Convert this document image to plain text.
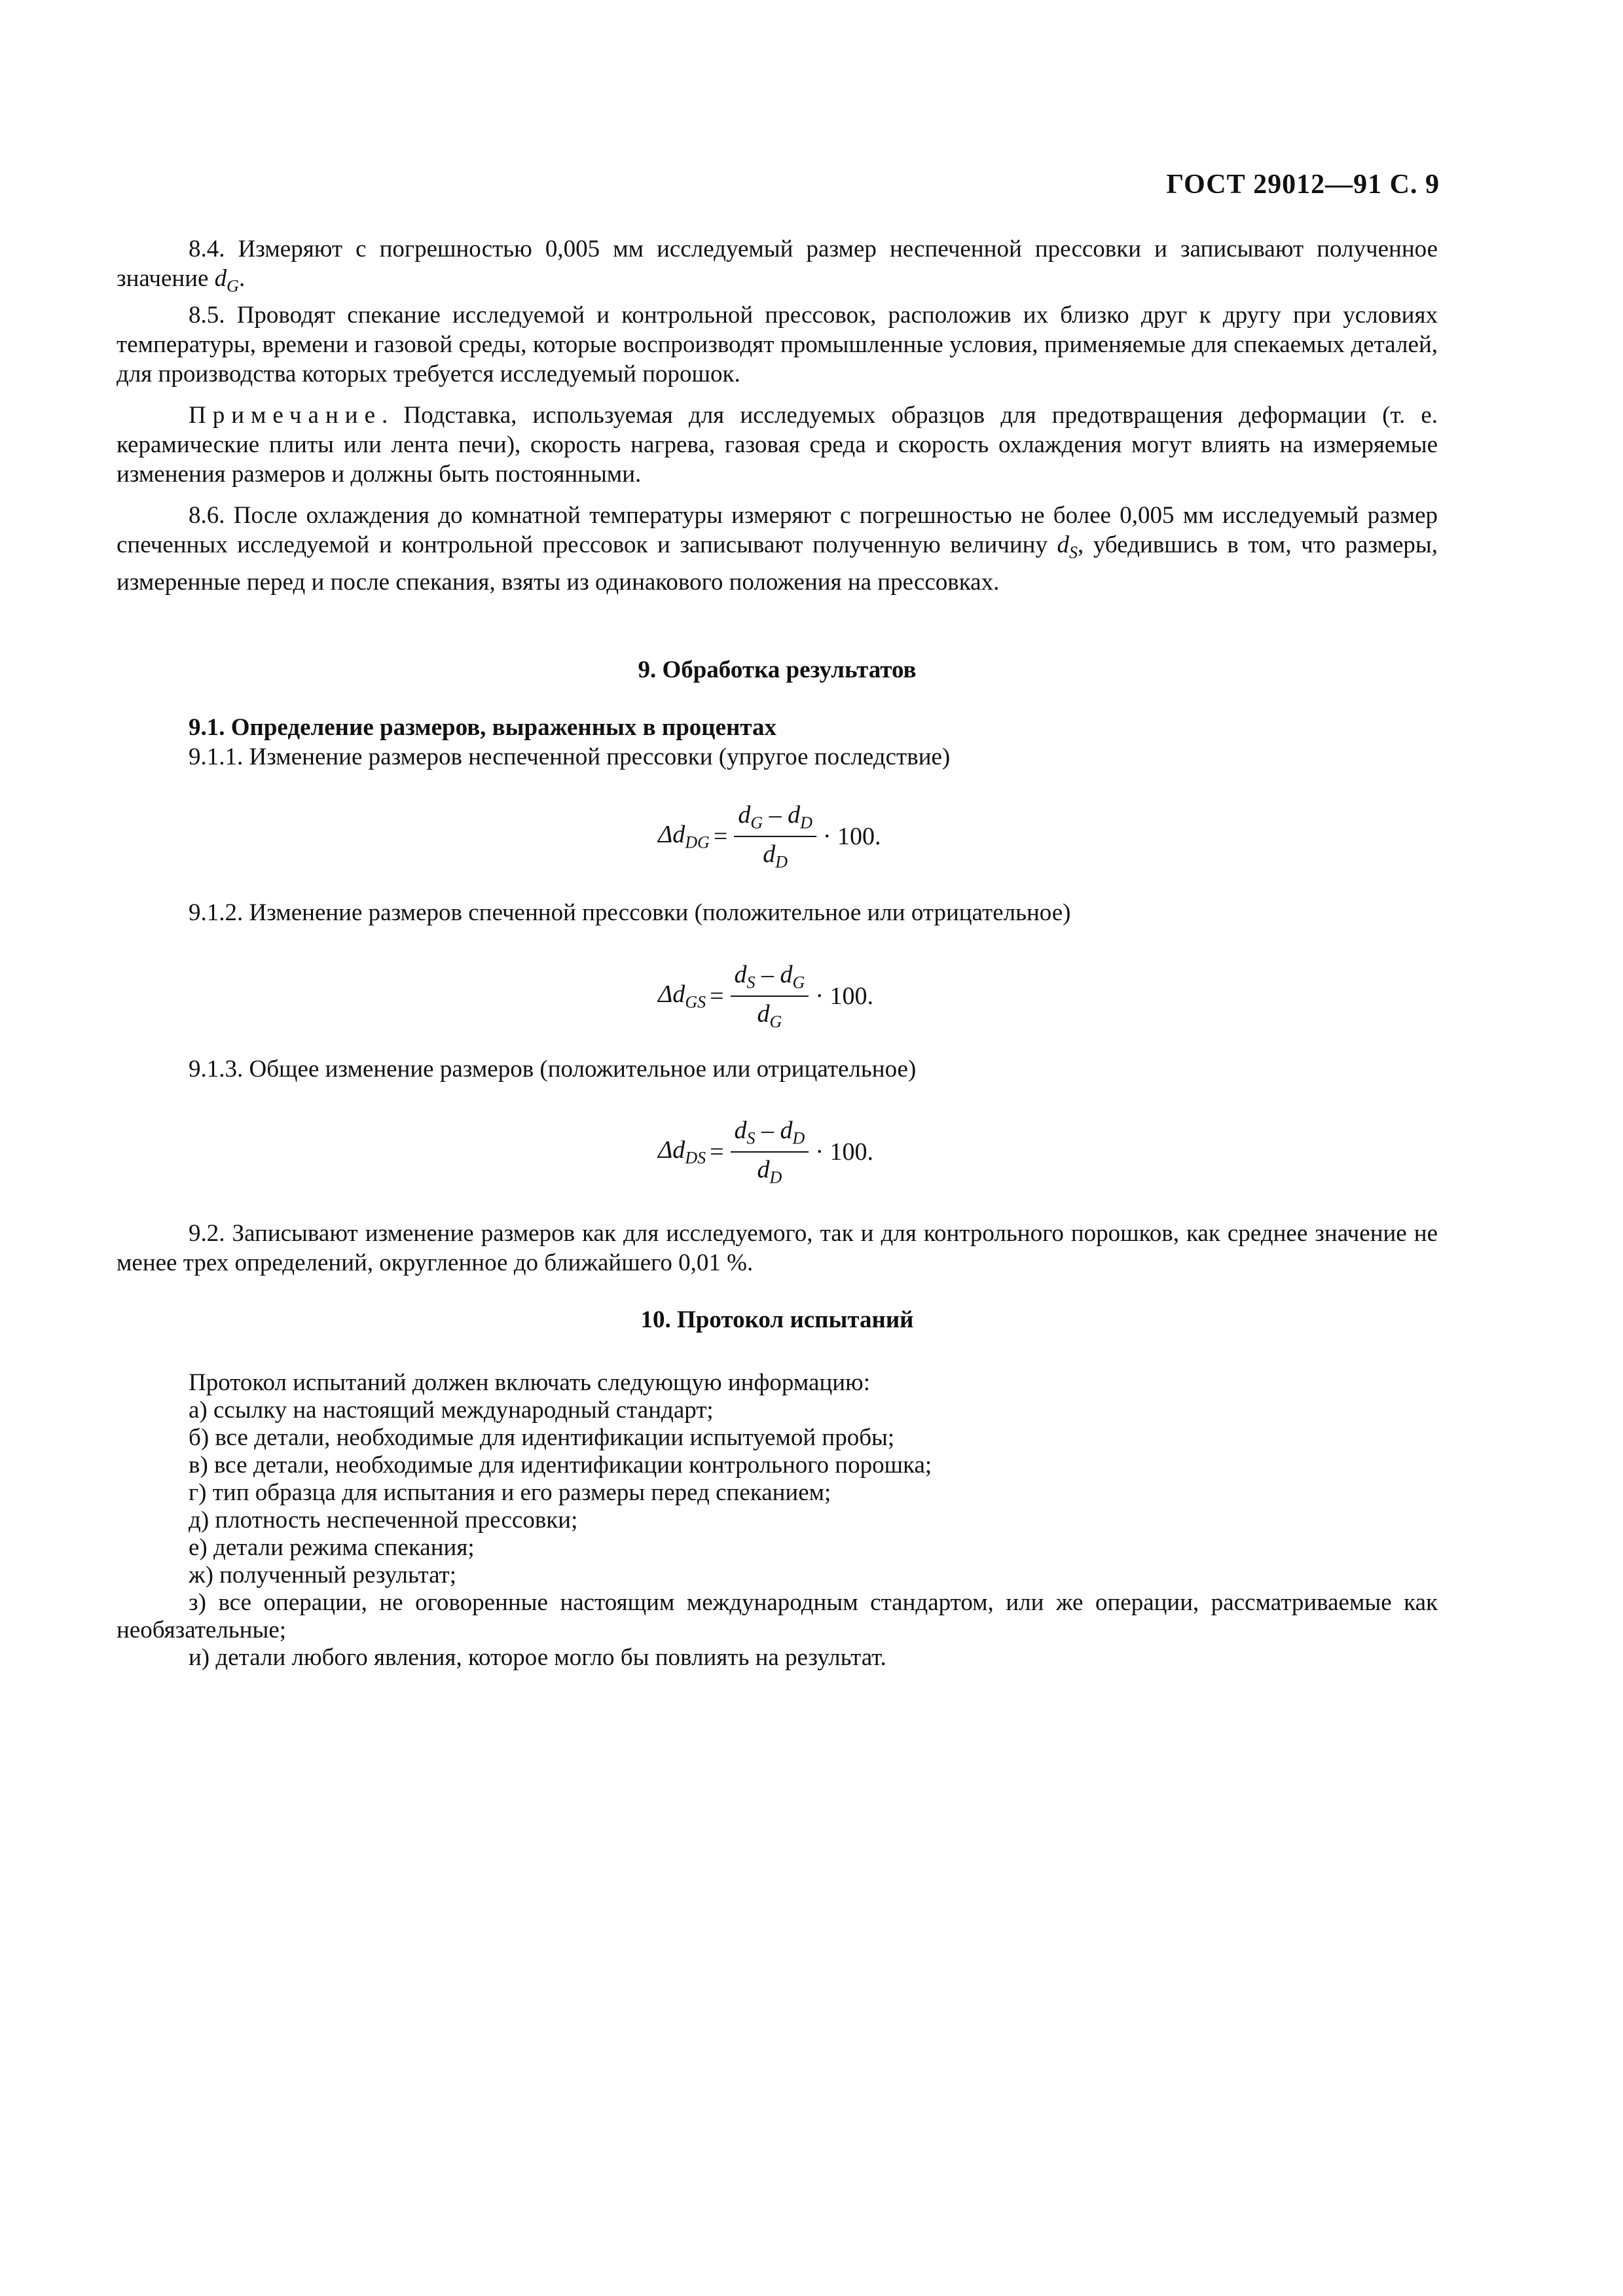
ГОСТ 29012—91 С. 9

8.4. Измеряют с погрешностью 0,005 мм исследуемый размер неспеченной прессовки и записывают полученное значение $d_G$.

8.5. Проводят спекание исследуемой и контрольной прессовок, расположив их близко друг к другу при условиях температуры, времени и газовой среды, которые воспроизводят промышленные условия, применяемые для спекаемых деталей, для производства которых требуется исследуемый порошок.

Примечание. Подставка, используемая для исследуемых образцов для предотвращения деформации (т. е. керамические плиты или лента печи), скорость нагрева, газовая среда и скорость охлаждения могут влиять на измеряемые изменения размеров и должны быть постоянными.

8.6. После охлаждения до комнатной температуры измеряют с погрешностью не более 0,005 мм исследуемый размер спеченных исследуемой и контрольной прессовок и записывают полученную величину $d_S$, убедившись в том, что размеры, измеренные перед и после спекания, взяты из одинакового положения на прессовках.

9. Обработка результатов
9.1. Определение размеров, выраженных в процентах
9.1.1. Изменение размеров неспеченной прессовки (упругое последствие)
$\Delta d_{DG} = \frac{d_G - d_D}{d_D} \cdot 100$.
9.1.2. Изменение размеров спеченной прессовки (положительное или отрицательное)
$\Delta d_{GS} = \frac{d_S - d_G}{d_G} \cdot 100$.
9.1.3. Общее изменение размеров (положительное или отрицательное)
$\Delta d_{DS} = \frac{d_S - d_D}{d_D} \cdot 100$.

9.2. Записывают изменение размеров как для исследуемого, так и для контрольного порошков, как среднее значение не менее трех определений, округленное до ближайшего 0,01 %.

10. Протокол испытаний
Протокол испытаний должен включать следующую информацию:
а) ссылку на настоящий международный стандарт;
б) все детали, необходимые для идентификации испытуемой пробы;
в) все детали, необходимые для идентификации контрольного порошка;
г) тип образца для испытания и его размеры перед спеканием;
д) плотность неспеченной прессовки;
е) детали режима спекания;
ж) полученный результат;
з) все операции, не оговоренные настоящим международным стандартом, или же операции, рассматриваемые как необязательные;
и) детали любого явления, которое могло бы повлиять на результат.
